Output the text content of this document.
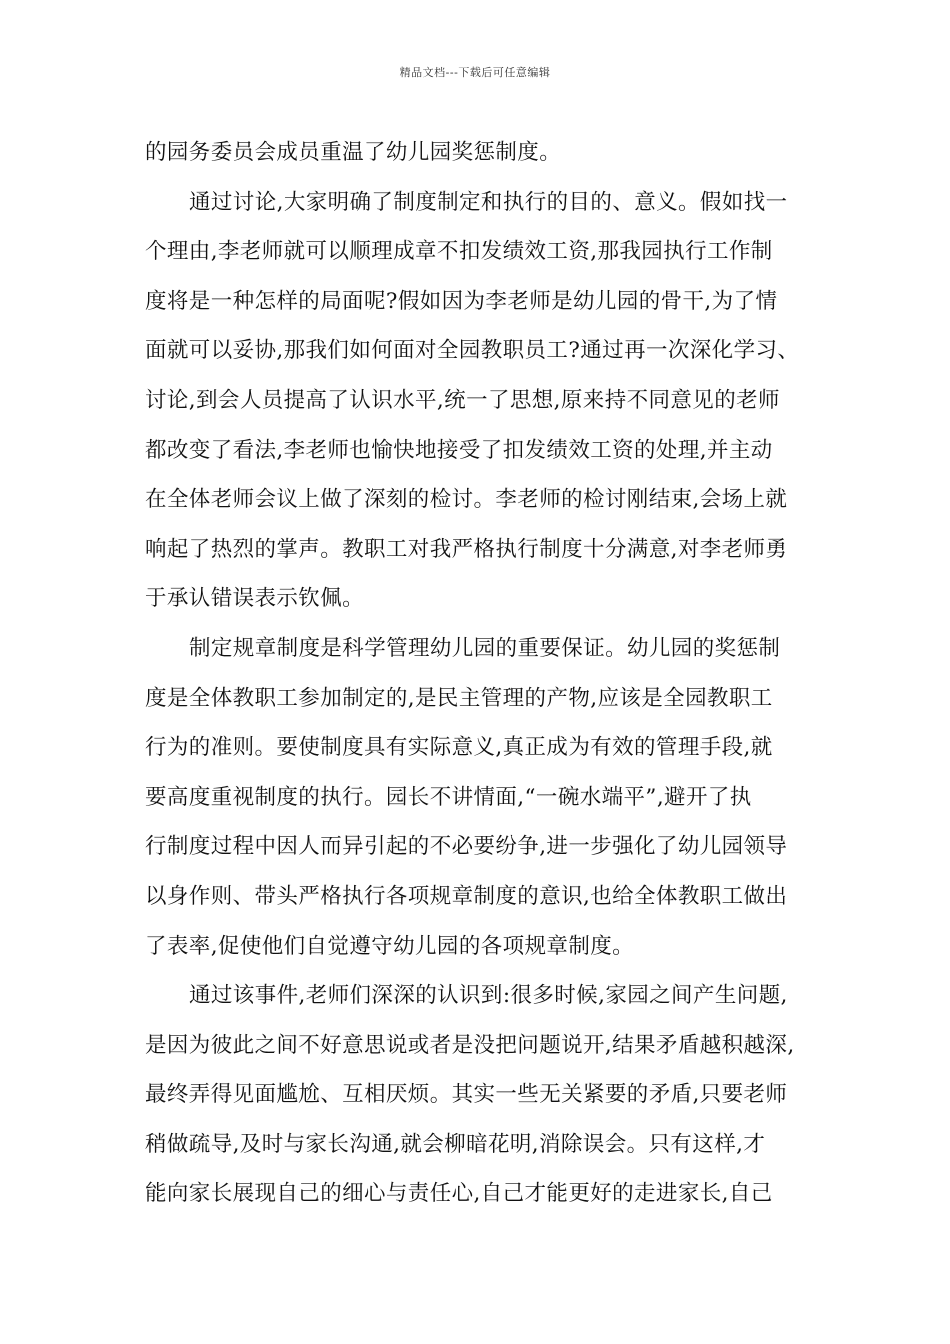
精品文档---下载后可任意编辑
的园务委员会成员重温了幼儿园奖惩制度。
通过讨论,大家明确了制度制定和执行的目的、意义。假如找一
个理由,李老师就可以顺理成章不扣发绩效工资,那我园执行工作制
度将是一种怎样的局面呢?假如因为李老师是幼儿园的骨干,为了情
面就可以妥协,那我们如何面对全园教职员工?通过再一次深化学习、
讨论,到会人员提高了认识水平,统一了思想,原来持不同意见的老师
都改变了看法,李老师也愉快地接受了扣发绩效工资的处理,并主动
在全体老师会议上做了深刻的检讨。李老师的检讨刚结束,会场上就
响起了热烈的掌声。教职工对我严格执行制度十分满意,对李老师勇
于承认错误表示钦佩。
制定规章制度是科学管理幼儿园的重要保证。幼儿园的奖惩制
度是全体教职工参加制定的,是民主管理的产物,应该是全园教职工
行为的准则。要使制度具有实际意义,真正成为有效的管理手段,就
要高度重视制度的执行。园长不讲情面,“一碗水端平”,避开了执
行制度过程中因人而异引起的不必要纷争,进一步强化了幼儿园领导
以身作则、带头严格执行各项规章制度的意识,也给全体教职工做出
了表率,促使他们自觉遵守幼儿园的各项规章制度。
通过该事件,老师们深深的认识到:很多时候,家园之间产生问题,
是因为彼此之间不好意思说或者是没把问题说开,结果矛盾越积越深,
最终弄得见面尴尬、互相厌烦。其实一些无关紧要的矛盾,只要老师
稍做疏导,及时与家长沟通,就会柳暗花明,消除误会。只有这样,才
能向家长展现自己的细心与责任心,自己才能更好的走进家长,自己
